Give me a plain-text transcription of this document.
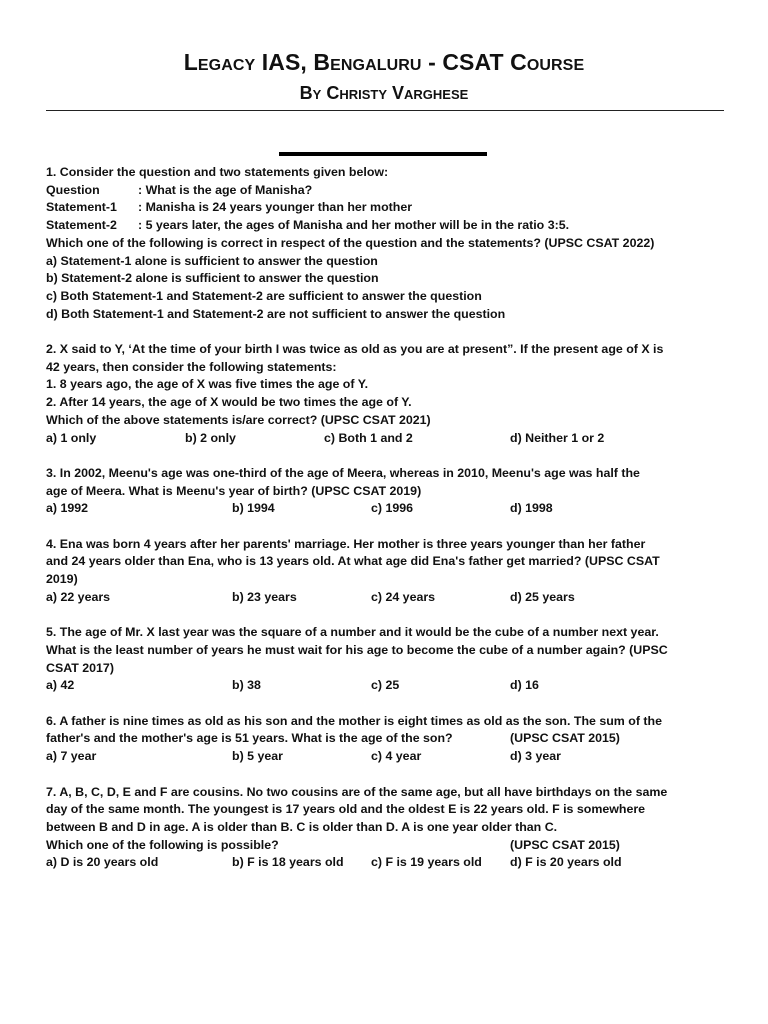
Legacy IAS, Bengaluru - CSAT Course
By Christy Varghese
1. Consider the question and two statements given below:
Question	: What is the age of Manisha?
Statement-1 : Manisha is 24 years younger than her mother
Statement-2 : 5 years later, the ages of Manisha and her mother will be in the ratio 3:5.
Which one of the following is correct in respect of the question and the statements? (UPSC CSAT 2022)
a) Statement-1 alone is sufficient to answer the question
b) Statement-2 alone is sufficient to answer the question
c) Both Statement-1 and Statement-2 are sufficient to answer the question
d) Both Statement-1 and Statement-2 are not sufficient to answer the question
2. X said to Y, ‘At the time of your birth I was twice as old as you are at present”. If the present age of X is
42 years, then consider the following statements:
1. 8 years ago, the age of X was five times the age of Y.
2. After 14 years, the age of X would be two times the age of Y.
Which of the above statements is/are correct? (UPSC CSAT 2021)
a) 1 only	b) 2 only	c) Both 1 and 2	d) Neither 1 or 2
3. In 2002, Meenu's age was one-third of the age of Meera, whereas in 2010, Meenu's age was half the
age of Meera. What is Meenu's year of birth? (UPSC CSAT 2019)
a) 1992	b) 1994	c) 1996	d) 1998
4. Ena was born 4 years after her parents' marriage. Her mother is three years younger than her father
and 24 years older than Ena, who is 13 years old. At what age did Ena's father get married? (UPSC CSAT
2019)
a) 22 years	b) 23 years	c) 24 years	d) 25 years
5. The age of Mr. X last year was the square of a number and it would be the cube of a number next year.
What is the least number of years he must wait for his age to become the cube of a number again? (UPSC
CSAT 2017)
a) 42	b) 38	c) 25	d) 16
6. A father is nine times as old as his son and the mother is eight times as old as the son. The sum of the
father's and the mother's age is 51 years. What is the age of the son?	(UPSC CSAT 2015)
a) 7 year	b) 5 year	c) 4 year	d) 3 year
7. A, B, C, D, E and F are cousins. No two cousins are of the same age, but all have birthdays on the same
day of the same month. The youngest is 17 years old and the oldest E is 22 years old. F is somewhere
between B and D in age. A is older than B. C is older than D. A is one year older than C.
Which one of the following is possible?	(UPSC CSAT 2015)
a) D is 20 years old	b) F is 18 years old	c) F is 19 years old	d) F is 20 years old
